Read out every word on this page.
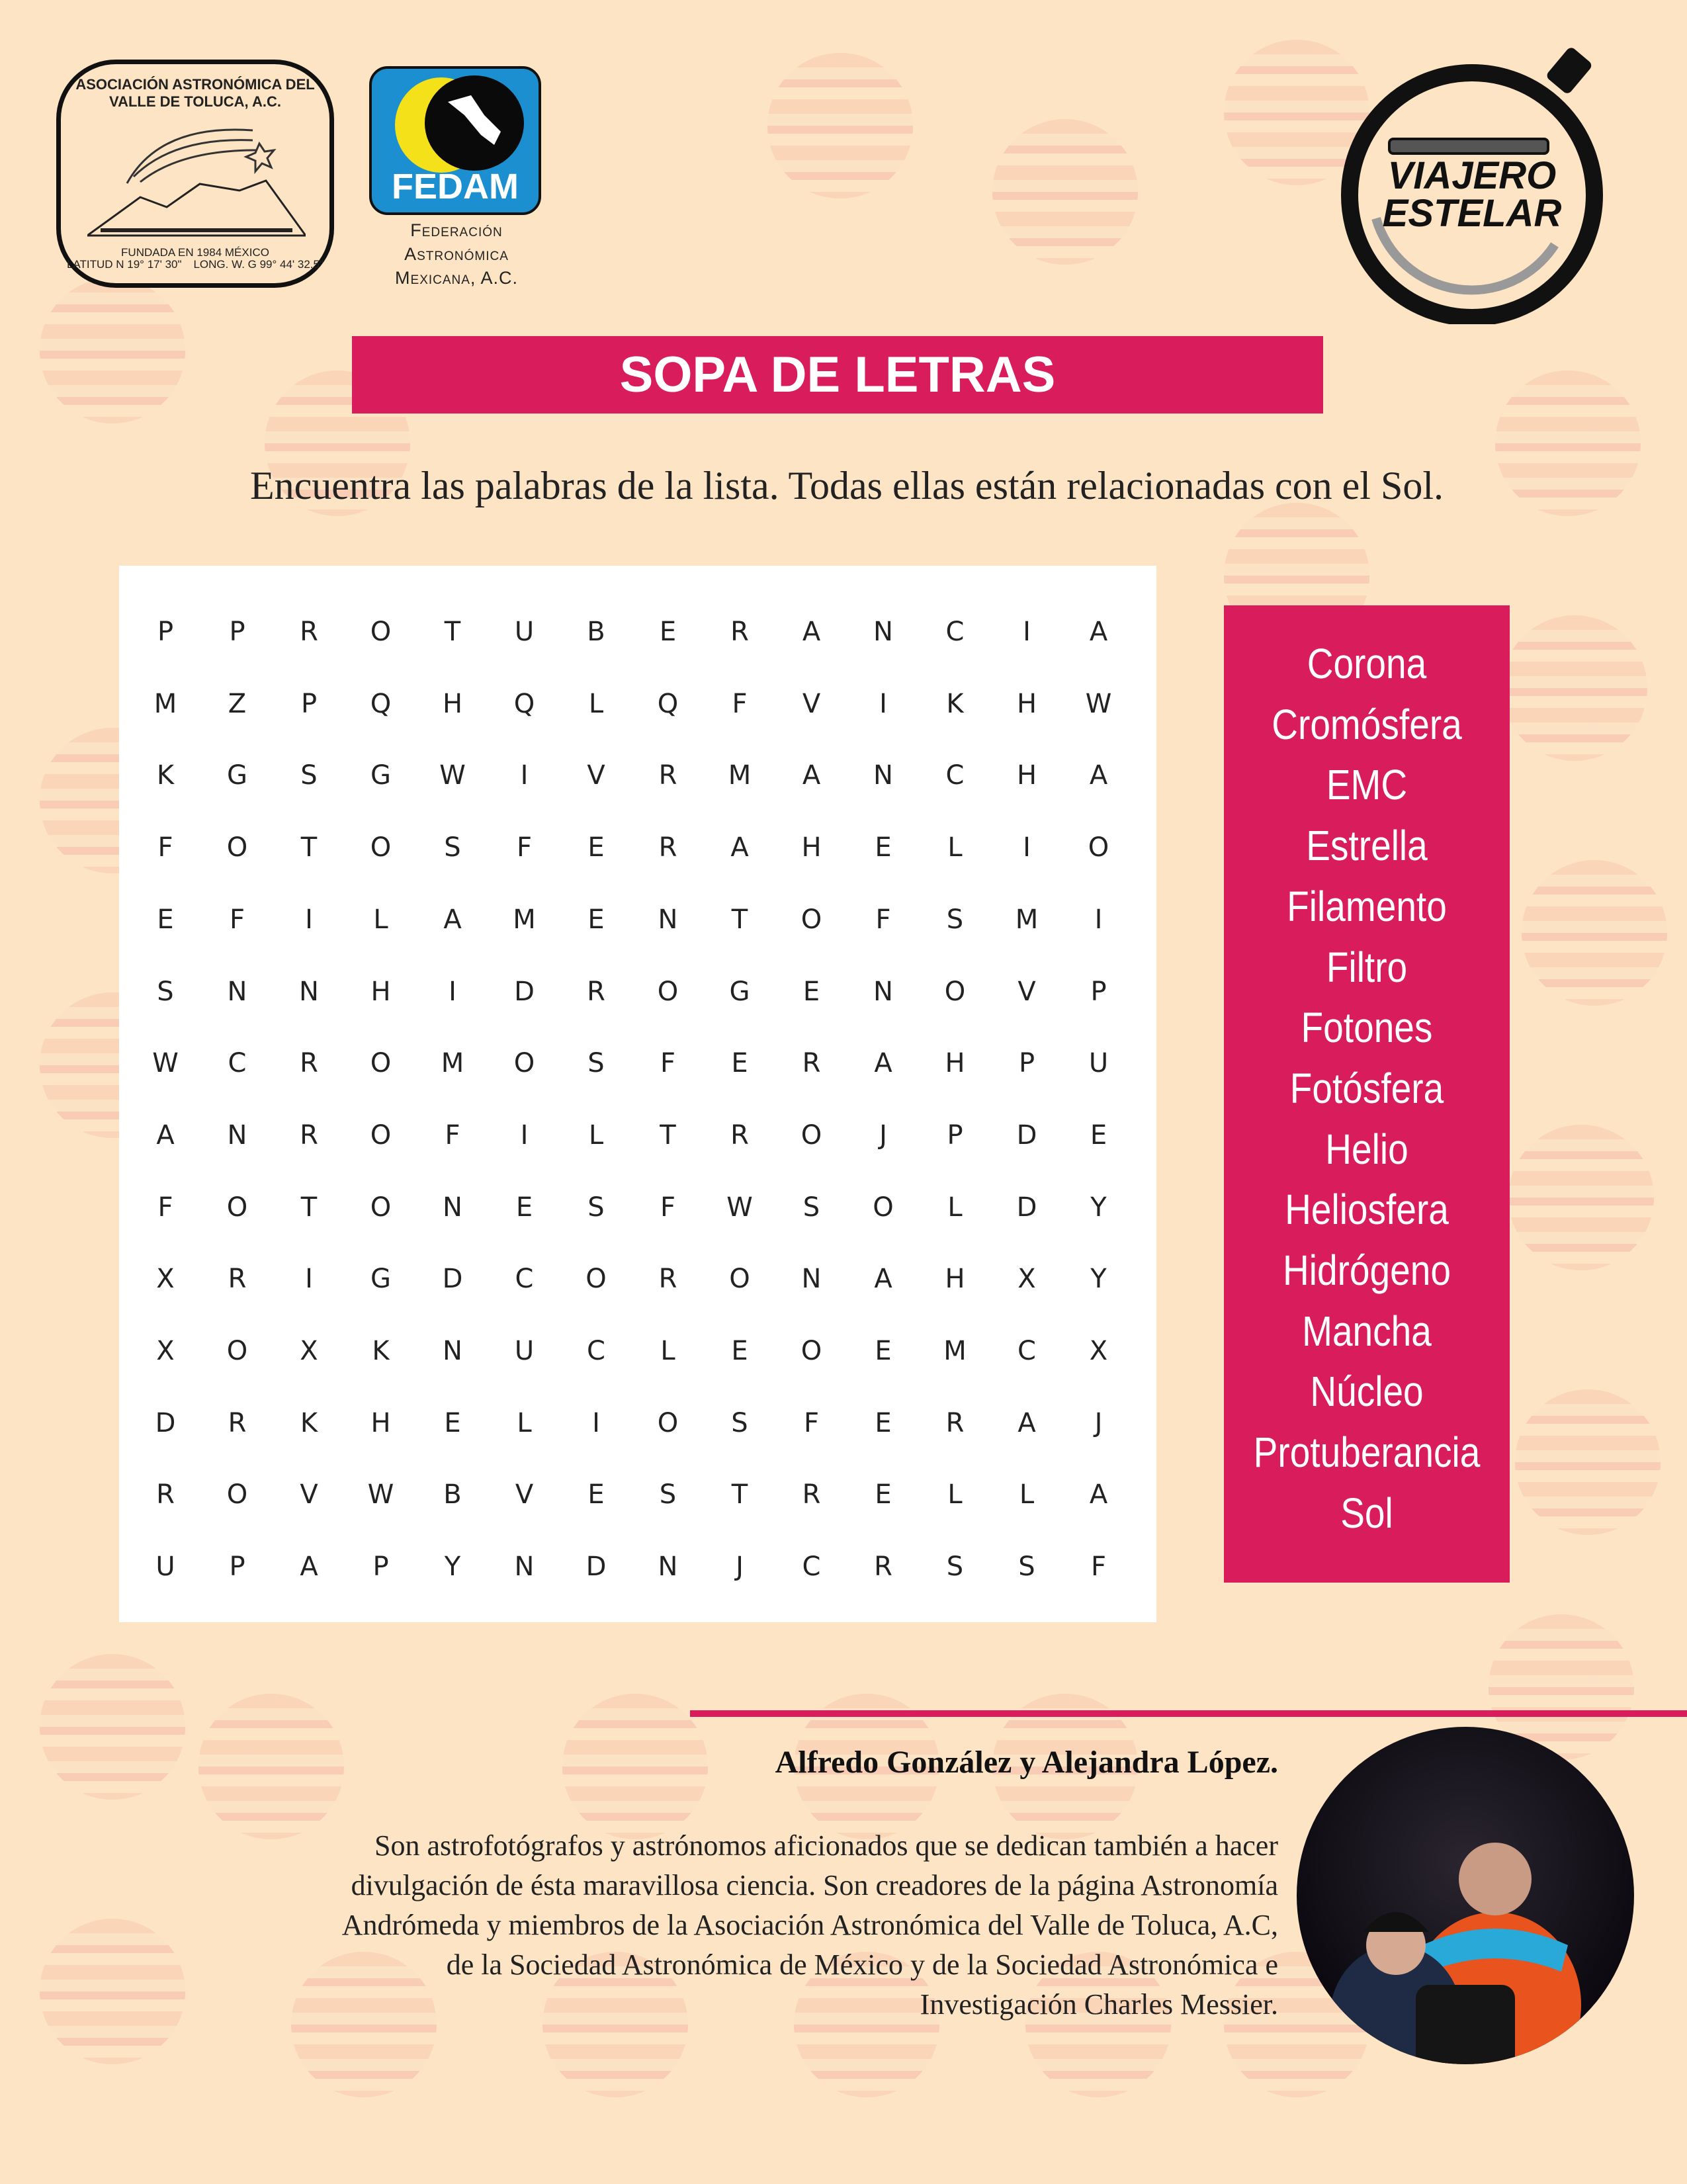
ASOCIACIÓN ASTRONÓMICA DEL VALLE DE TOLUCA, A.C.
FUNDADA EN 1984 MÉXICO
LATITUD N 19° 17' 30" LONG. W. G 99° 44' 32.5"
FEDAM
Federación
Astronómica
Mexicana, A.C.
VIAJERO
ESTELAR
SOPA DE LETRAS
Encuentra las palabras de la lista. Todas ellas están relacionadas con el Sol.
P	P	R	O	T	U	B	E	R	A	N	C	I	A
M	Z	P	Q	H	Q	L	Q	F	V	I	K	H	W
K	G	S	G	W	I	V	R	M	A	N	C	H	A
F	O	T	O	S	F	E	R	A	H	E	L	I	O
E	F	I	L	A	M	E	N	T	O	F	S	M	I
S	N	N	H	I	D	R	O	G	E	N	O	V	P
W	C	R	O	M	O	S	F	E	R	A	H	P	U
A	N	R	O	F	I	L	T	R	O	J	P	D	E
F	O	T	O	N	E	S	F	W	S	O	L	D	Y
X	R	I	G	D	C	O	R	O	N	A	H	X	Y
X	O	X	K	N	U	C	L	E	O	E	M	C	X
D	R	K	H	E	L	I	O	S	F	E	R	A	J
R	O	V	W	B	V	E	S	T	R	E	L	L	A
U	P	A	P	Y	N	D	N	J	C	R	S	S	F
Corona
Cromósfera
EMC
Estrella
Filamento
Filtro
Fotones
Fotósfera
Helio
Heliosfera
Hidrógeno
Mancha
Núcleo
Protuberancia
Sol
Alfredo González y Alejandra López.
Son astrofotógrafos y astrónomos aficionados que se dedican también a hacer
divulgación de ésta maravillosa ciencia. Son creadores de la página Astronomía
Andrómeda y miembros de la Asociación Astronómica del Valle de Toluca, A.C,
de la Sociedad Astronómica de México y de la Sociedad Astronómica e
Investigación Charles Messier.
